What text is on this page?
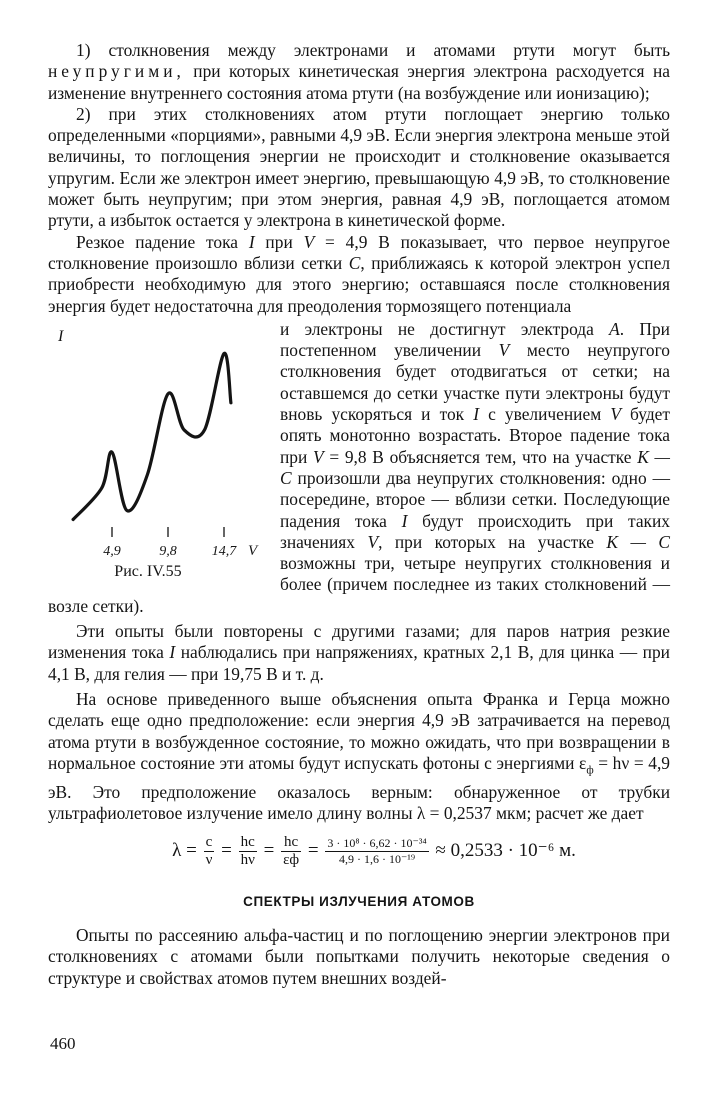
1) столкновения между электронами и атомами ртути могут быть неупругими, при которых кинетическая энергия электрона расходуется на изменение внутреннего состояния атома ртути (на возбуждение или ионизацию);

2) при этих столкновениях атом ртути поглощает энергию только определенными «порциями», равными 4,9 эВ. Если энергия электрона меньше этой величины, то поглощения энергии не происходит и столкновение оказывается упругим. Если же электрон имеет энергию, превышающую 4,9 эВ, то столкновение может быть неупругим; при этом энергия, равная 4,9 эВ, поглощается атомом ртути, а избыток остается у электрона в кинетической форме.

Резкое падение тока I при V = 4,9 В показывает, что первое неупругое столкновение произошло вблизи сетки C, приближаясь к которой электрон успел приобрести необходимую для этого энергию; оставшаяся после столкновения энергия будет недостаточна для преодоления тормозящего потенциала

I
4,9	9,8	14,7 V
Рис. IV.55

и электроны не достигнут электрода A. При постепенном увеличении V место неупругого столкновения будет отодвигаться от сетки; на оставшемся до сетки участке пути электроны будут вновь ускоряться и ток I с увеличением V будет опять монотонно возрастать. Второе падение тока при V = 9,8 В объясняется тем, что на участке K — C произошли два неупругих столкновения: одно — посередине, второе — вблизи сетки. Последующие падения тока I будут происходить при таких значениях V, при которых на участке K — C возможны три, четыре неупругих столкновения и более (причем последнее из таких столкновений — возле сетки).

Эти опыты были повторены с другими газами; для паров натрия резкие изменения тока I наблюдались при напряжениях, кратных 2,1 В, для цинка — при 4,1 В, для гелия — при 19,75 В и т. д.

На основе приведенного выше объяснения опыта Франка и Герца можно сделать еще одно предположение: если энергия 4,9 эВ затрачивается на перевод атома ртути в возбужденное состояние, то можно ожидать, что при возвращении в нормальное состояние эти атомы будут испускать фотоны с энергиями $\varepsilon_ф = h\nu = 4,9$ эВ. Это предположение оказалось верным: обнаруженное от трубки ультрафиолетовое излучение имело длину волны λ = 0,2537 мкм; расчет же дает

$\lambda = \frac{c}{\nu} = \frac{hc}{h\nu} = \frac{hc}{\varepsilon ф} = \frac{\text{3 · 10⁸ · 6,62 · 10⁻³⁴}}{\text{4,9 · 1,6 · 10⁻¹⁹}} \approx 0,2533 \cdot 10^{-6}$ м.
СПЕКТРЫ ИЗЛУЧЕНИЯ АТОМОВ

Опыты по рассеянию альфа-частиц и по поглощению энергии электронов при столкновениях с атомами были попытками получить некоторые сведения о структуре и свойствах атомов путем внешних воздей-

460
